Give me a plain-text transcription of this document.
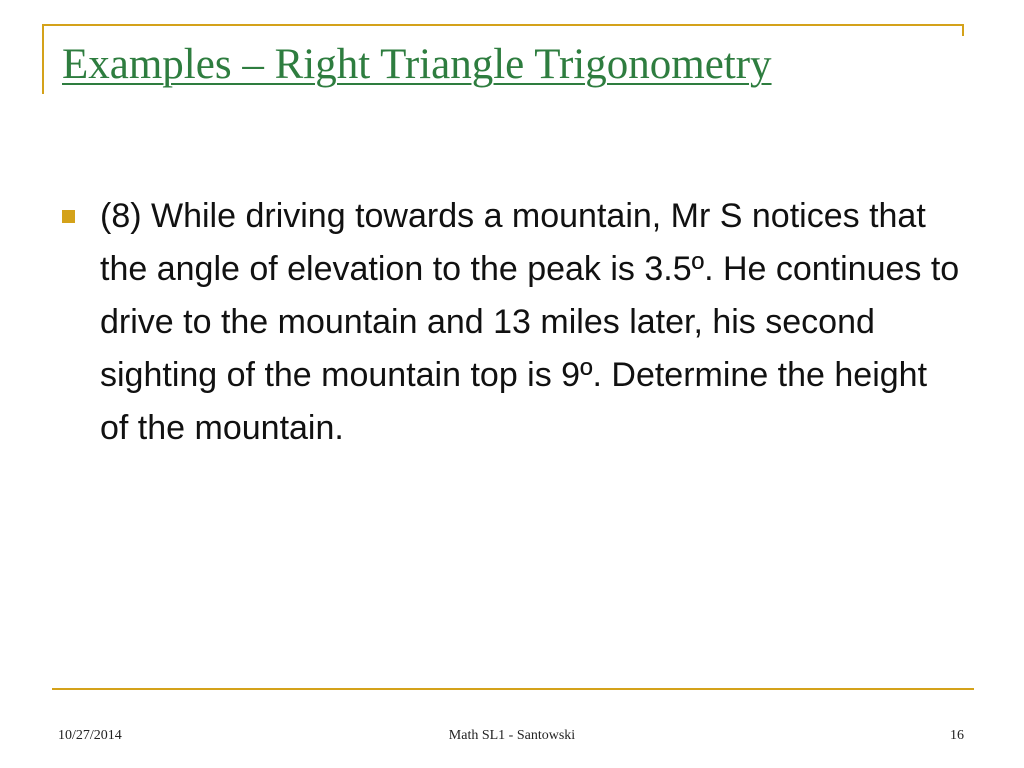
Examples – Right Triangle Trigonometry

(8) While driving towards a mountain, Mr S notices that the angle of elevation to the peak is 3.5º. He continues to drive to the mountain and 13 miles later, his second sighting of the mountain top is 9º. Determine the height of the mountain.

10/27/2014	Math SL1 - Santowski	16
